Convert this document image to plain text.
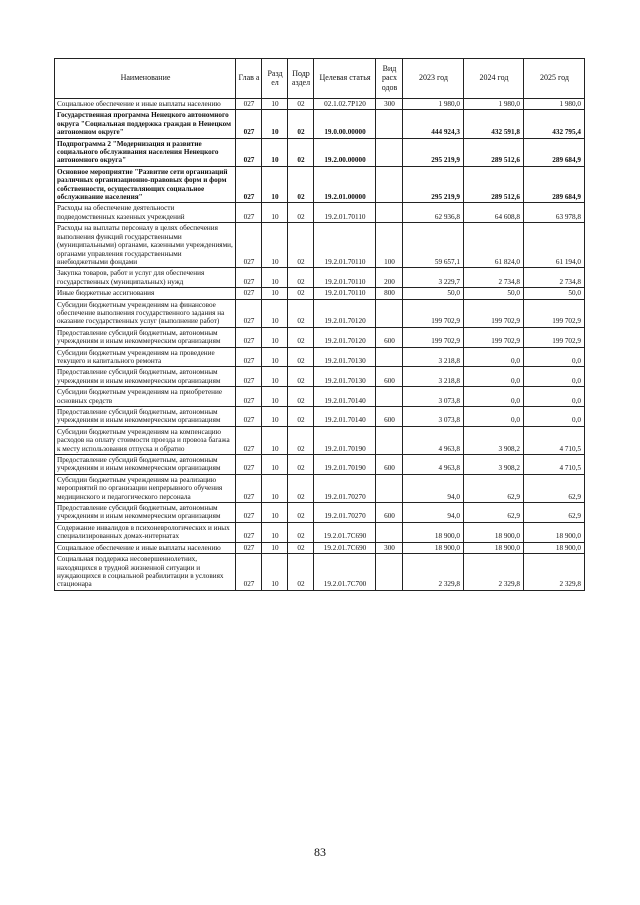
Наименование	Глав а	Разд ел	Подр аздел	Целевая статья	Вид расх одов	2023 год	2024 год	2025 год
Социальное обеспечение и иные выплаты населению	027	10	02	02.1.02.7Р120	300	1 980,0	1 980,0	1 980,0
Государственная программа Ненецкого автономного округа "Социальная поддержка граждан в Ненецком автономном округе"	027	10	02	19.0.00.00000		444 924,3	432 591,8	432 795,4
Подпрограмма 2 "Модернизация и развитие социального обслуживания населения Ненецкого автономного округа"	027	10	02	19.2.00.00000		295 219,9	289 512,6	289 684,9
Основное мероприятие "Развитие сети организаций различных организационно-правовых форм и форм собственности, осуществляющих социальное обслуживание населения"	027	10	02	19.2.01.00000		295 219,9	289 512,6	289 684,9
Расходы на обеспечение деятельности подведомственных казенных учреждений	027	10	02	19.2.01.70110		62 936,8	64 608,8	63 978,8
Расходы на выплаты персоналу в целях обеспечения выполнения функций государственными (муниципальными) органами, казенными учреждениями, органами управления государственными внебюджетными фондами	027	10	02	19.2.01.70110	100	59 657,1	61 824,0	61 194,0
Закупка товаров, работ и услуг для обеспечения государственных (муниципальных) нужд	027	10	02	19.2.01.70110	200	3 229,7	2 734,8	2 734,8
Иные бюджетные ассигнования	027	10	02	19.2.01.70110	800	50,0	50,0	50,0
Субсидии бюджетным учреждениям на финансовое обеспечение выполнения государственного задания на оказание государственных услуг (выполнение работ)	027	10	02	19.2.01.70120		199 702,9	199 702,9	199 702,9
Предоставление субсидий бюджетным, автономным учреждениям и иным некоммерческим организациям	027	10	02	19.2.01.70120	600	199 702,9	199 702,9	199 702,9
Субсидии бюджетным учреждениям на проведение текущего и капитального ремонта	027	10	02	19.2.01.70130		3 218,8	0,0	0,0
Предоставление субсидий бюджетным, автономным учреждениям и иным некоммерческим организациям	027	10	02	19.2.01.70130	600	3 218,8	0,0	0,0
Субсидии бюджетным учреждениям на приобретение основных средств	027	10	02	19.2.01.70140		3 073,8	0,0	0,0
Предоставление субсидий бюджетным, автономным учреждениям и иным некоммерческим организациям	027	10	02	19.2.01.70140	600	3 073,8	0,0	0,0
Субсидии бюджетным учреждениям на компенсацию расходов на оплату стоимости проезда и провоза багажа к месту использования отпуска и обратно	027	10	02	19.2.01.70190		4 963,8	3 908,2	4 710,5
Предоставление субсидий бюджетным, автономным учреждениям и иным некоммерческим организациям	027	10	02	19.2.01.70190	600	4 963,8	3 908,2	4 710,5
Субсидии бюджетным учреждениям на реализацию мероприятий по организации непрерывного обучения медицинского и педагогического персонала	027	10	02	19.2.01.70270		94,0	62,9	62,9
Предоставление субсидий бюджетным, автономным учреждениям и иным некоммерческим организациям	027	10	02	19.2.01.70270	600	94,0	62,9	62,9
Содержание инвалидов в психоневрологических и иных специализированных домах-интернатах	027	10	02	19.2.01.7С690		18 900,0	18 900,0	18 900,0
Социальное обеспечение и иные выплаты населению	027	10	02	19.2.01.7С690	300	18 900,0	18 900,0	18 900,0
Социальная поддержка несовершеннолетних, находящихся в трудной жизненной ситуации и нуждающихся в социальной реабилитации в условиях стационара	027	10	02	19.2.01.7С700		2 329,8	2 329,8	2 329,8
83
